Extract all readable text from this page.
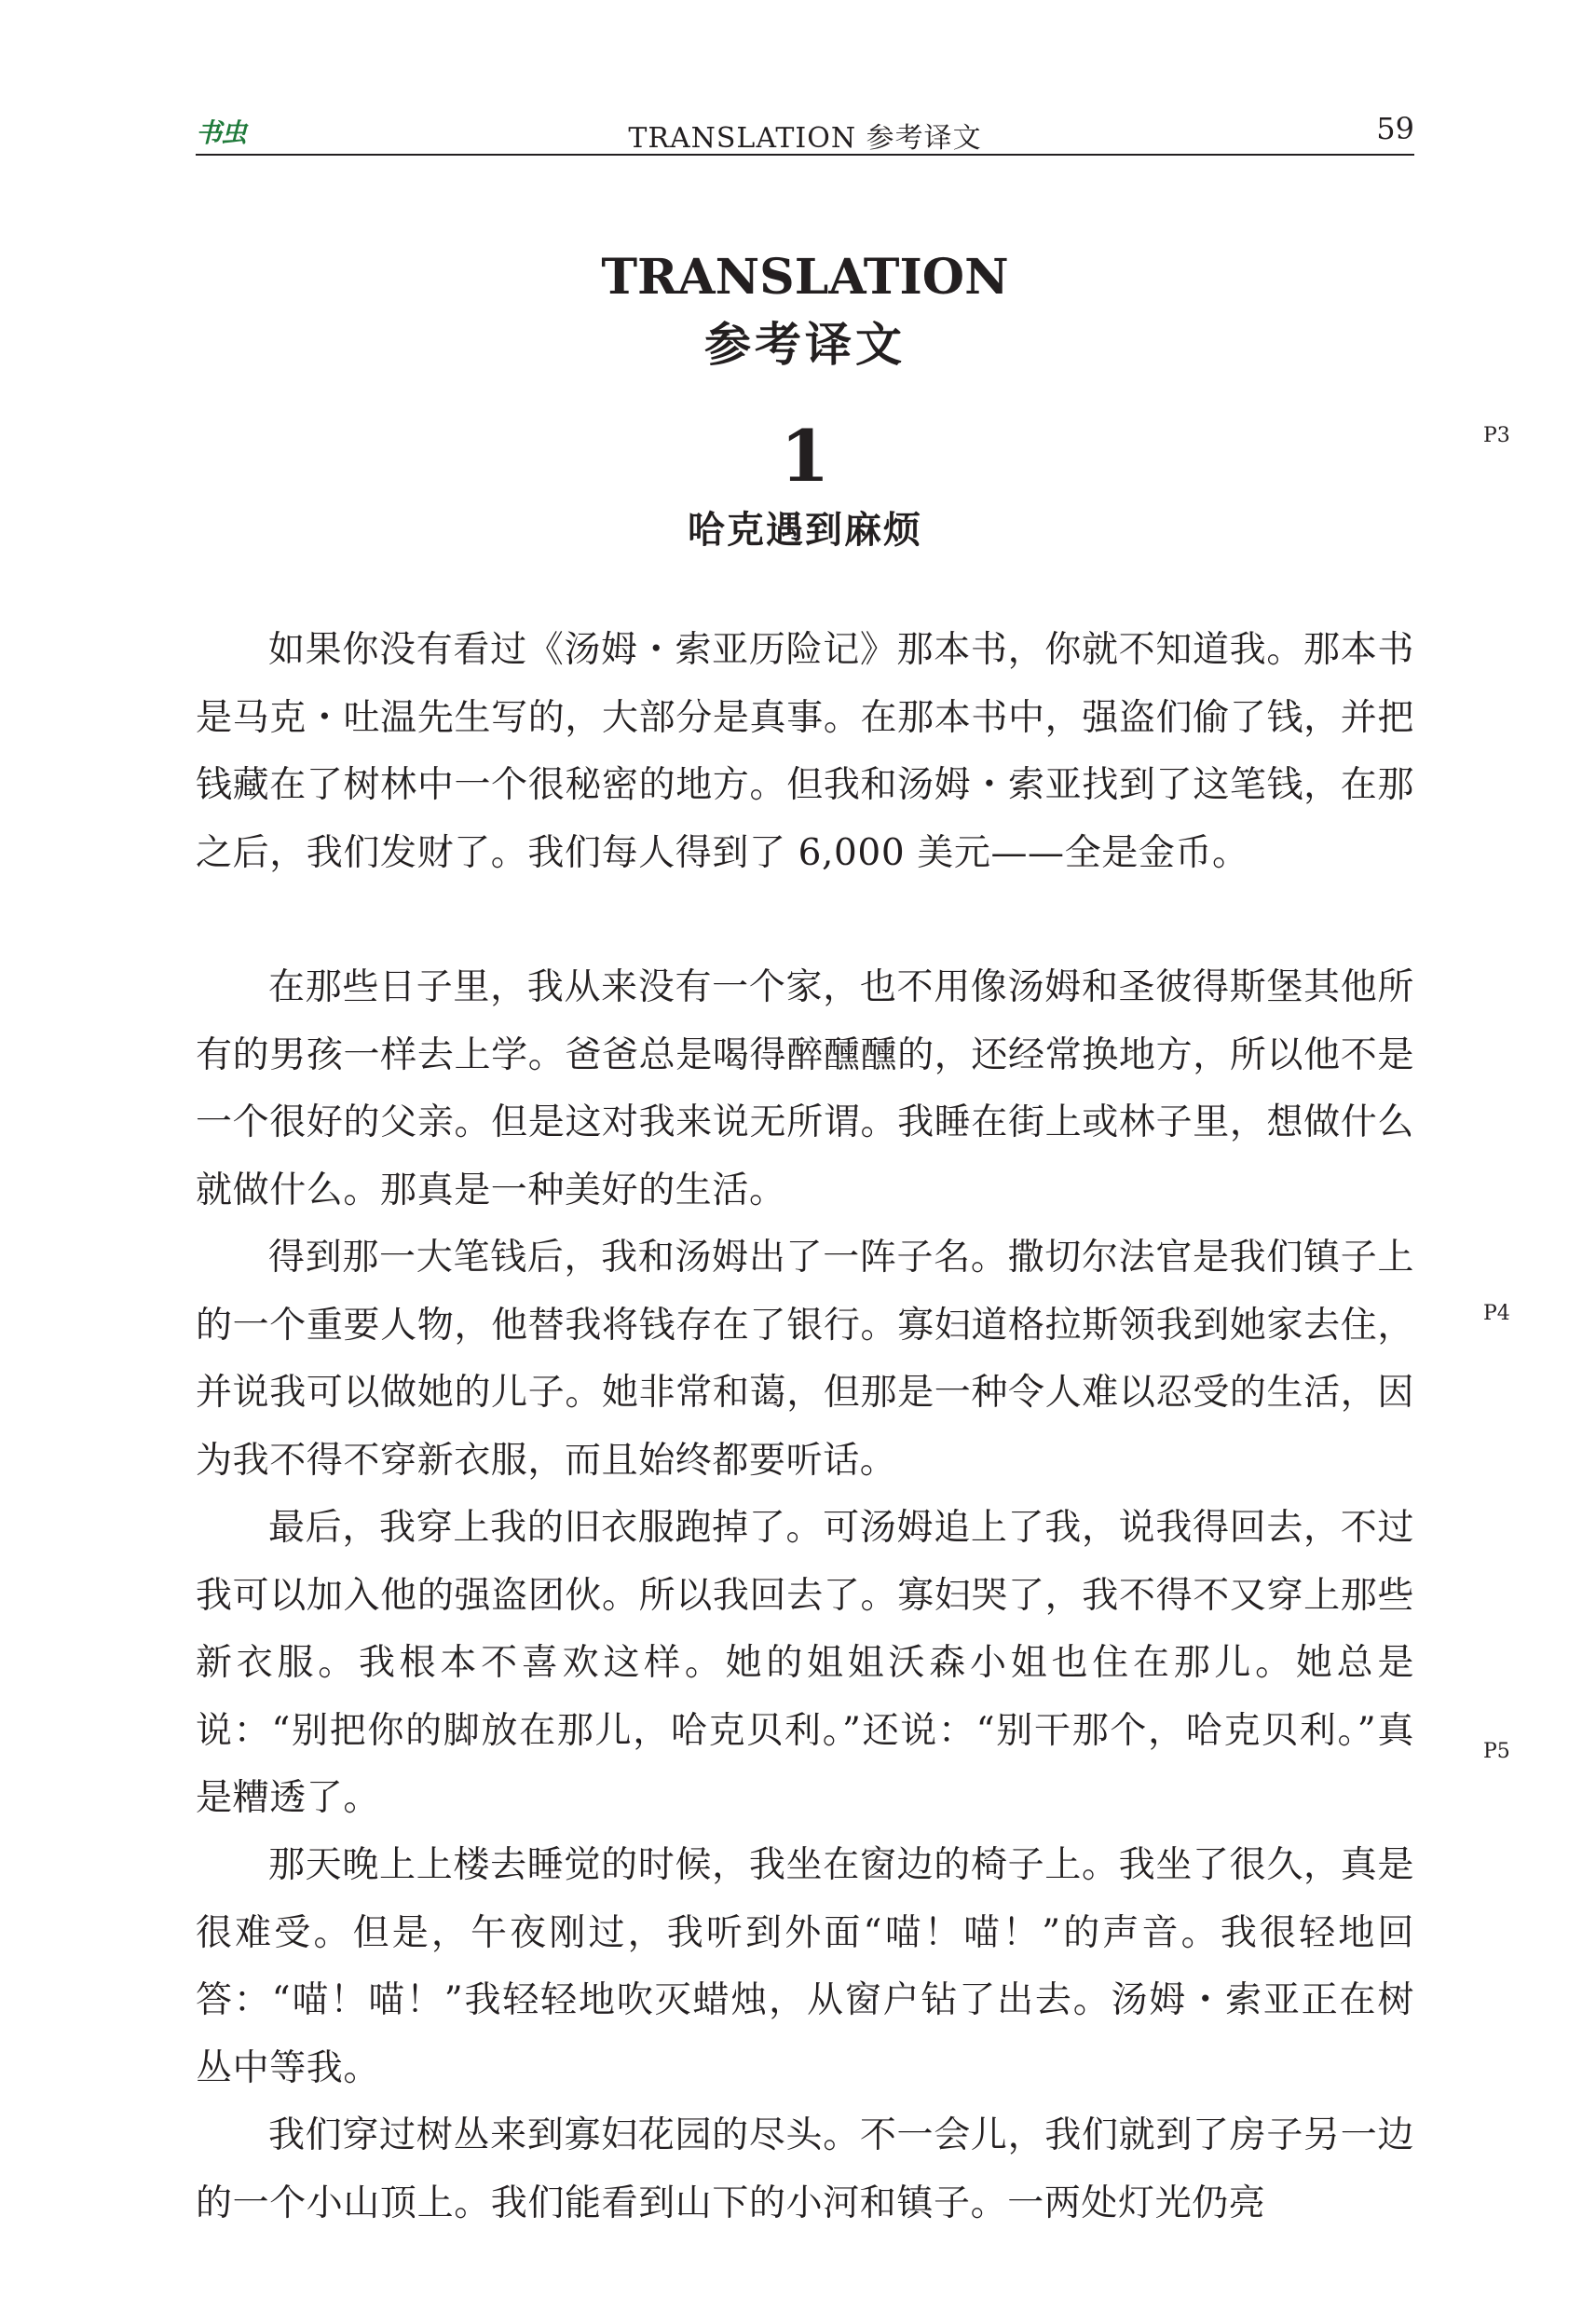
书虫	TRANSLATION 参考译文	59
TRANSLATION
参考译文
1
哈克遇到麻烦
P3
P4
P5

如果你没有看过《汤姆・索亚历险记》那本书，你就不知道我。那本书是马克・吐温先生写的，大部分是真事。在那本书中，强盗们偷了钱，并把钱藏在了树林中一个很秘密的地方。但我和汤姆・索亚找到了这笔钱，在那之后，我们发财了。我们每人得到了 6,000 美元——全是金币。

在那些日子里，我从来没有一个家，也不用像汤姆和圣彼得斯堡其他所有的男孩一样去上学。爸爸总是喝得醉醺醺的，还经常换地方，所以他不是一个很好的父亲。但是这对我来说无所谓。我睡在街上或林子里，想做什么就做什么。那真是一种美好的生活。

得到那一大笔钱后，我和汤姆出了一阵子名。撒切尔法官是我们镇子上的一个重要人物，他替我将钱存在了银行。寡妇道格拉斯领我到她家去住，并说我可以做她的儿子。她非常和蔼，但那是一种令人难以忍受的生活，因为我不得不穿新衣服，而且始终都要听话。

最后，我穿上我的旧衣服跑掉了。可汤姆追上了我，说我得回去，不过我可以加入他的强盗团伙。所以我回去了。寡妇哭了，我不得不又穿上那些新衣服。我根本不喜欢这样。她的姐姐沃森小姐也住在那儿。她总是说：“别把你的脚放在那儿，哈克贝利。”还说：“别干那个，哈克贝利。”真是糟透了。

那天晚上上楼去睡觉的时候，我坐在窗边的椅子上。我坐了很久，真是很难受。但是，午夜刚过，我听到外面“喵！喵！”的声音。我很轻地回答：“喵！喵！”我轻轻地吹灭蜡烛，从窗户钻了出去。汤姆・索亚正在树丛中等我。

我们穿过树丛来到寡妇花园的尽头。不一会儿，我们就到了房子另一边的一个小山顶上。我们能看到山下的小河和镇子。一两处灯光仍亮
